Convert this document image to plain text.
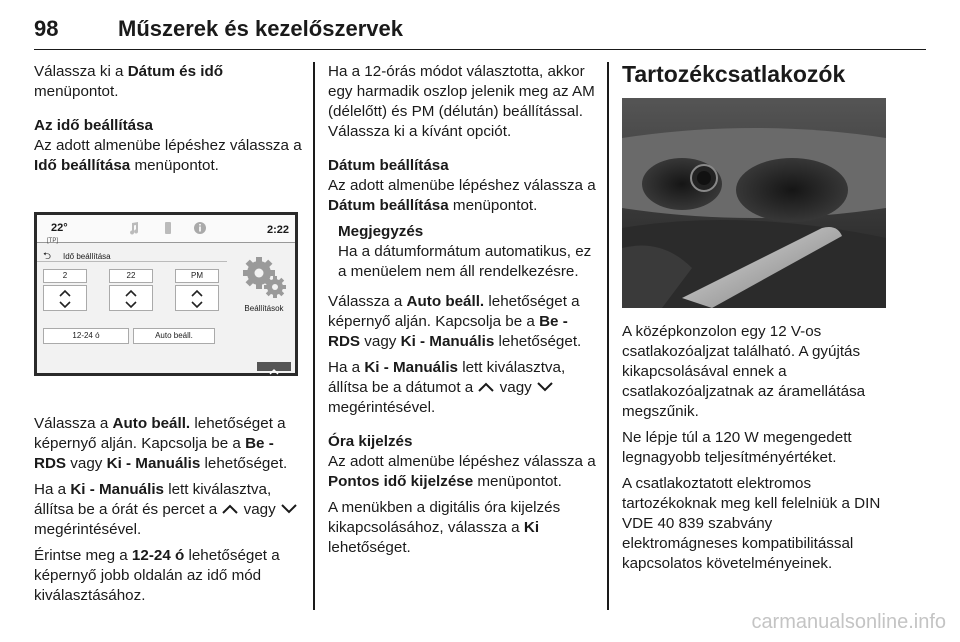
98	Műszerek és kezelőszervek

Válassza ki a Dátum és idő menüpontot.

Az idő beállítása

Az adott almenübe lépéshez válassza a Idő beállítása menüpontot.

22°
[TP]
2:22
⮌ Idő beállítása
2	22	PM
12-24 ó	Auto beáll.
Beállítások

Válassza a Auto beáll. lehetőséget a képernyő alján. Kapcsolja be a Be - RDS vagy Ki - Manuális lehetőséget.

Ha a Ki - Manuális lett kiválasztva, állítsa be a órát és percet a  vagy  megérintésével.

Érintse meg a 12-24 ó lehetőséget a képernyő jobb oldalán az idő mód kiválasztásához.

Ha a 12-órás módot választotta, akkor egy harmadik oszlop jelenik meg az AM (délelőtt) és PM (délután) beállítással. Válassza ki a kívánt opciót.

Dátum beállítása

Az adott almenübe lépéshez válassza a Dátum beállítása menüpontot.

Megjegyzés

Ha a dátumformátum automatikus, ez a menüelem nem áll rendelkezésre.

Válassza a Auto beáll. lehetőséget a képernyő alján. Kapcsolja be a Be - RDS vagy Ki - Manuális lehetőséget.

Ha a Ki - Manuális lett kiválasztva, állítsa be a dátumot a  vagy  megérintésével.

Óra kijelzés

Az adott almenübe lépéshez válassza a Pontos idő kijelzése menüpontot.

A menükben a digitális óra kijelzés kikapcsolásához, válassza a Ki lehetőséget.

Tartozékcsatlakozók

A középkonzolon egy 12 V-os csatlakozóaljzat található. A gyújtás kikapcsolásával ennek a csatlakozóaljzatnak az áramellátása megszűnik.

Ne lépje túl a 120 W megengedett legnagyobb teljesítményértéket.

A csatlakoztatott elektromos tartozékoknak meg kell felelniük a DIN VDE 40 839 szabvány elektromágneses kompatibilitással kapcsolatos követelményeinek.

carmanualsonline.info
